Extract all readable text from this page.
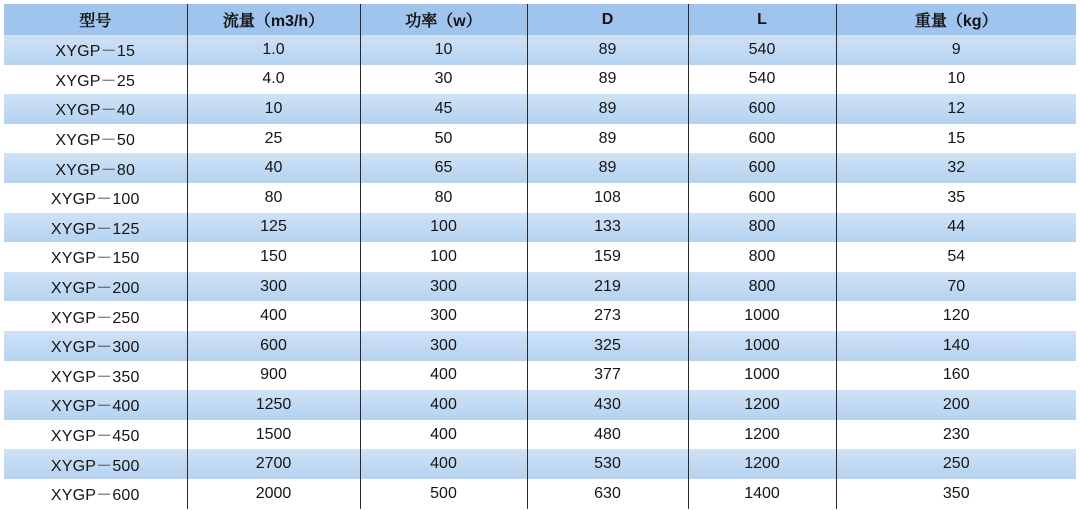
型号	流量（m3/h）	功率（w）	D	L	重量（kg）
XYGP－15	1.0	10	89	540	9
XYGP－25	4.0	30	89	540	10
XYGP－40	10	45	89	600	12
XYGP－50	25	50	89	600	15
XYGP－80	40	65	89	600	32
XYGP－100	80	80	108	600	35
XYGP－125	125	100	133	800	44
XYGP－150	150	100	159	800	54
XYGP－200	300	300	219	800	70
XYGP－250	400	300	273	1000	120
XYGP－300	600	300	325	1000	140
XYGP－350	900	400	377	1000	160
XYGP－400	1250	400	430	1200	200
XYGP－450	1500	400	480	1200	230
XYGP－500	2700	400	530	1200	250
XYGP－600	2000	500	630	1400	350
